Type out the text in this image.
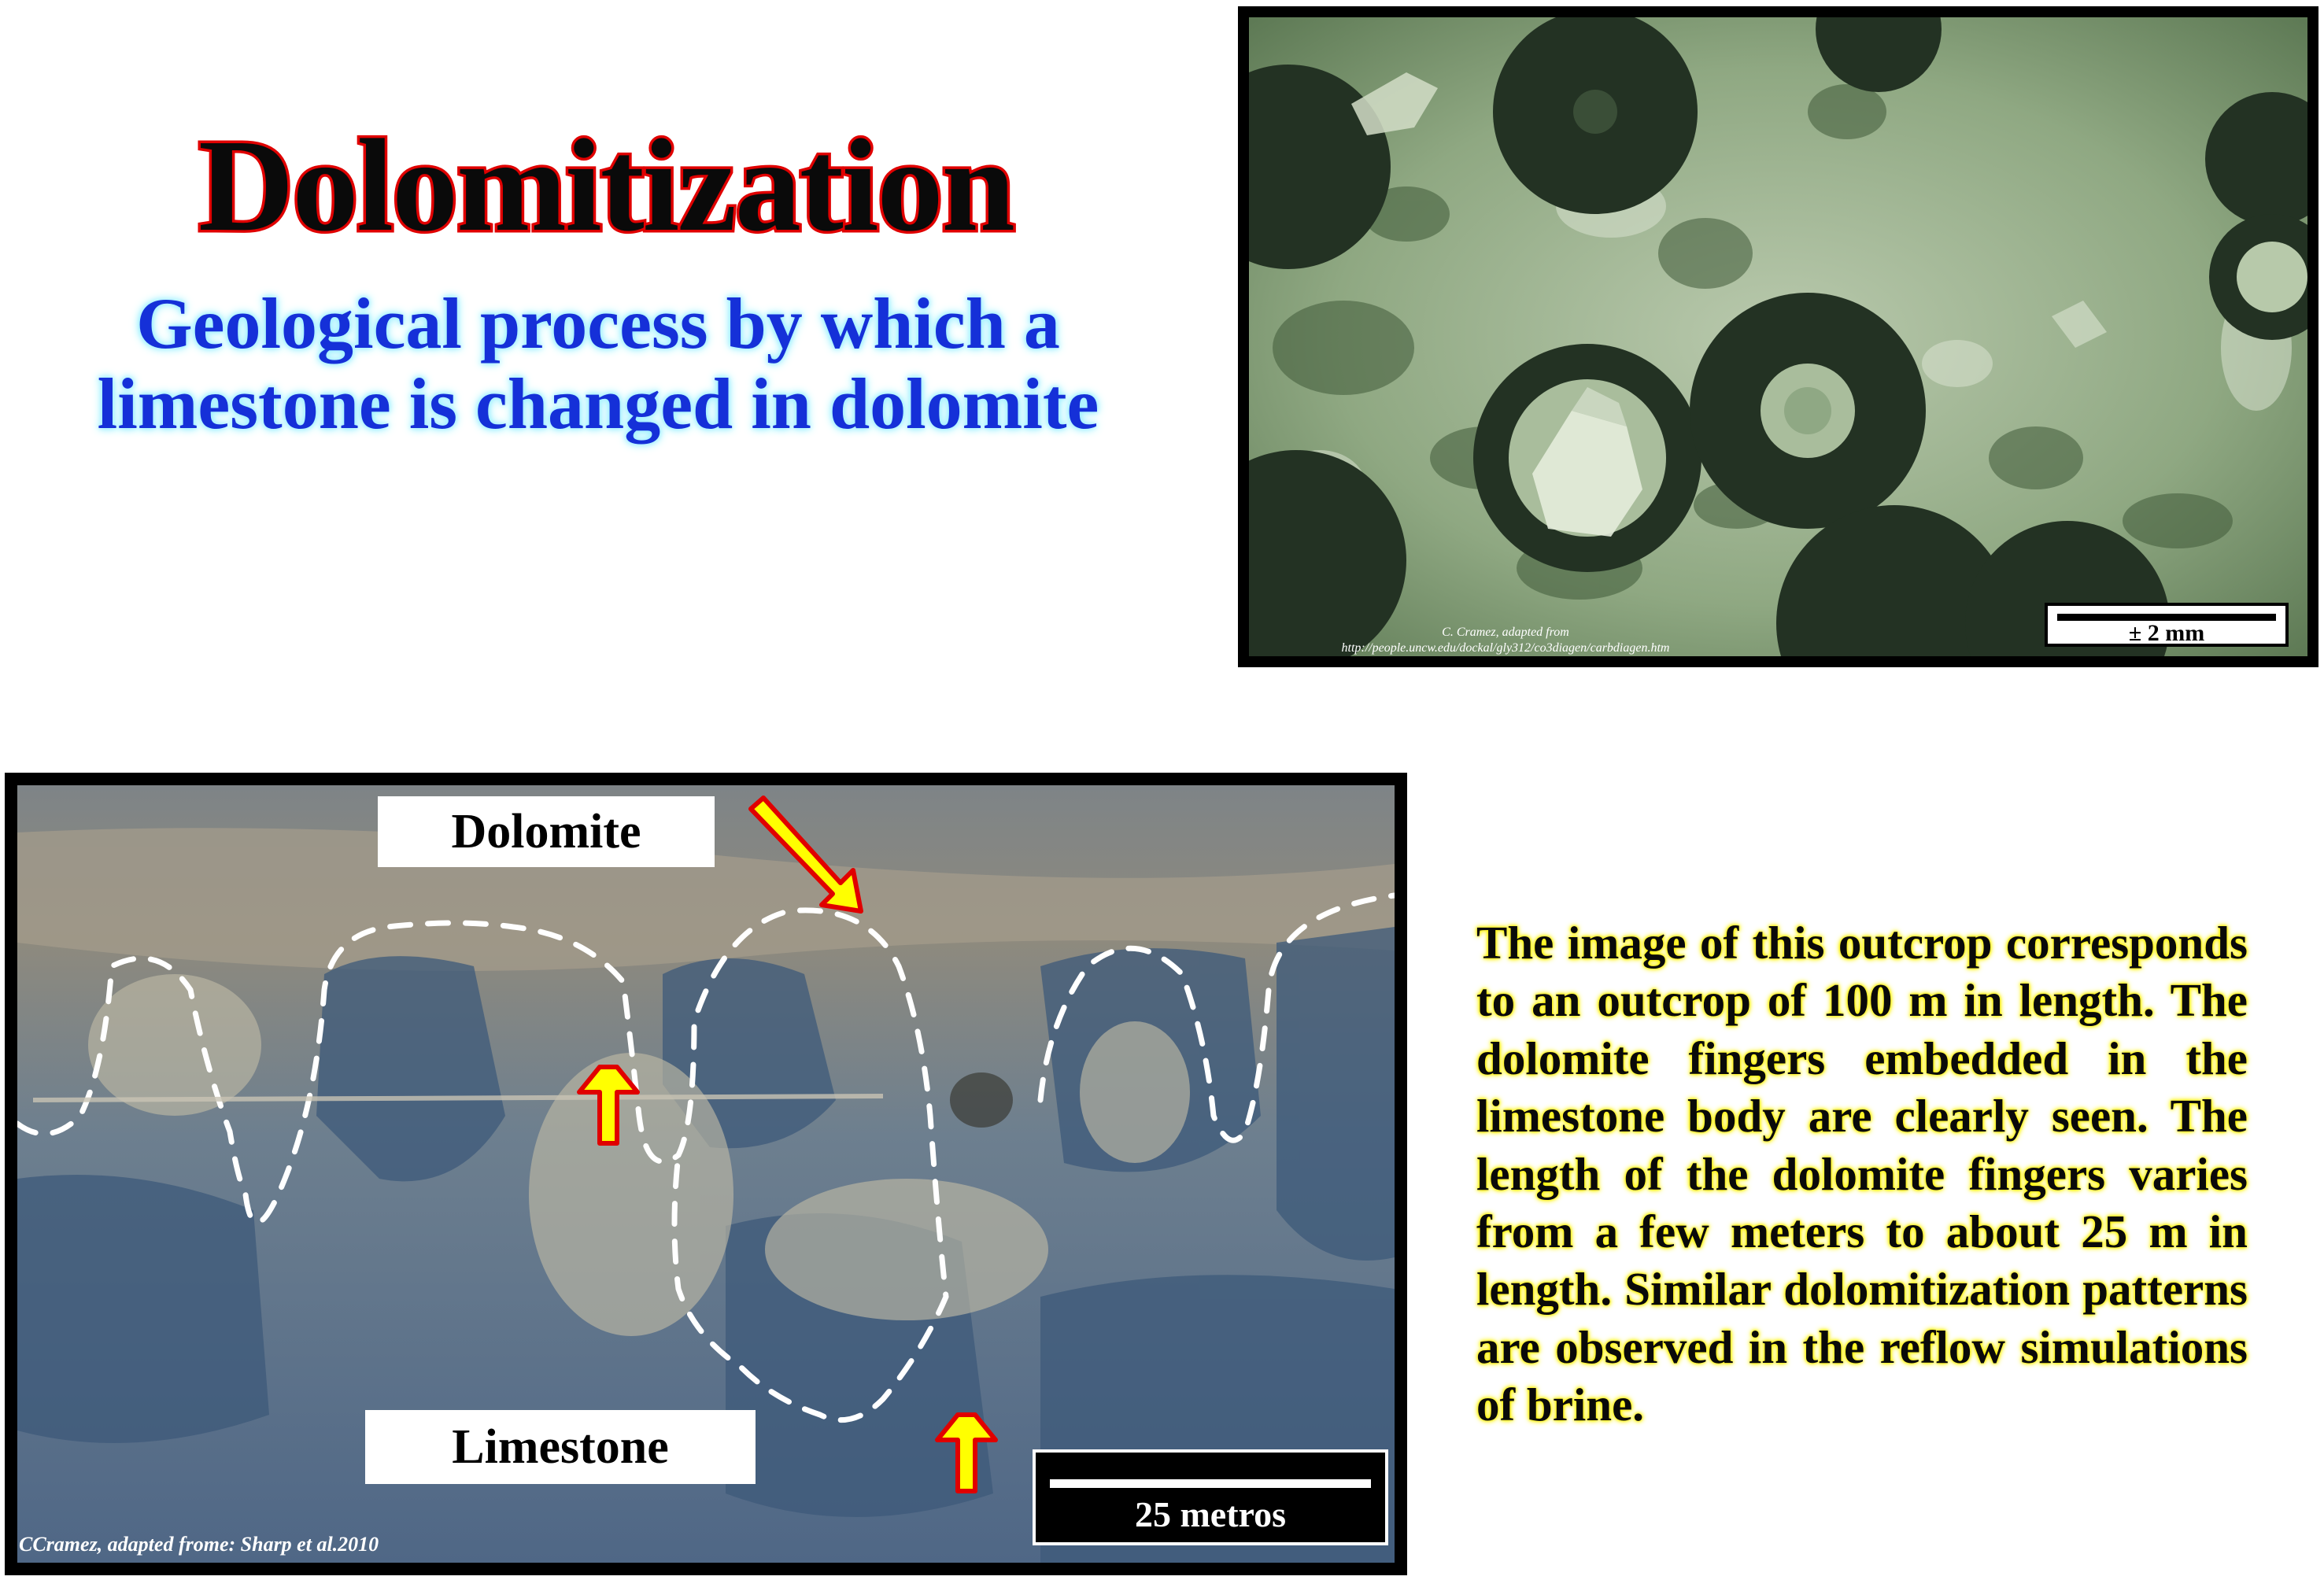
Dolomitization
Geological process by which a limestone is changed in dolomite
C. Cramez, adapted from
http://people.uncw.edu/dockal/gly312/co3diagen/carbdiagen.htm
± 2 mm
Dolomite
Limestone
25 metros
CCramez, adapted frome: Sharp et al.2010
The image of this outcrop corresponds to an outcrop of 100 m in length. The dolomite fingers embedded in the limestone body are clearly seen. The length of the dolomite fingers varies from a few meters to about 25 m in length. Similar dolomitization patterns are observed in the reflow simulations of brine.
